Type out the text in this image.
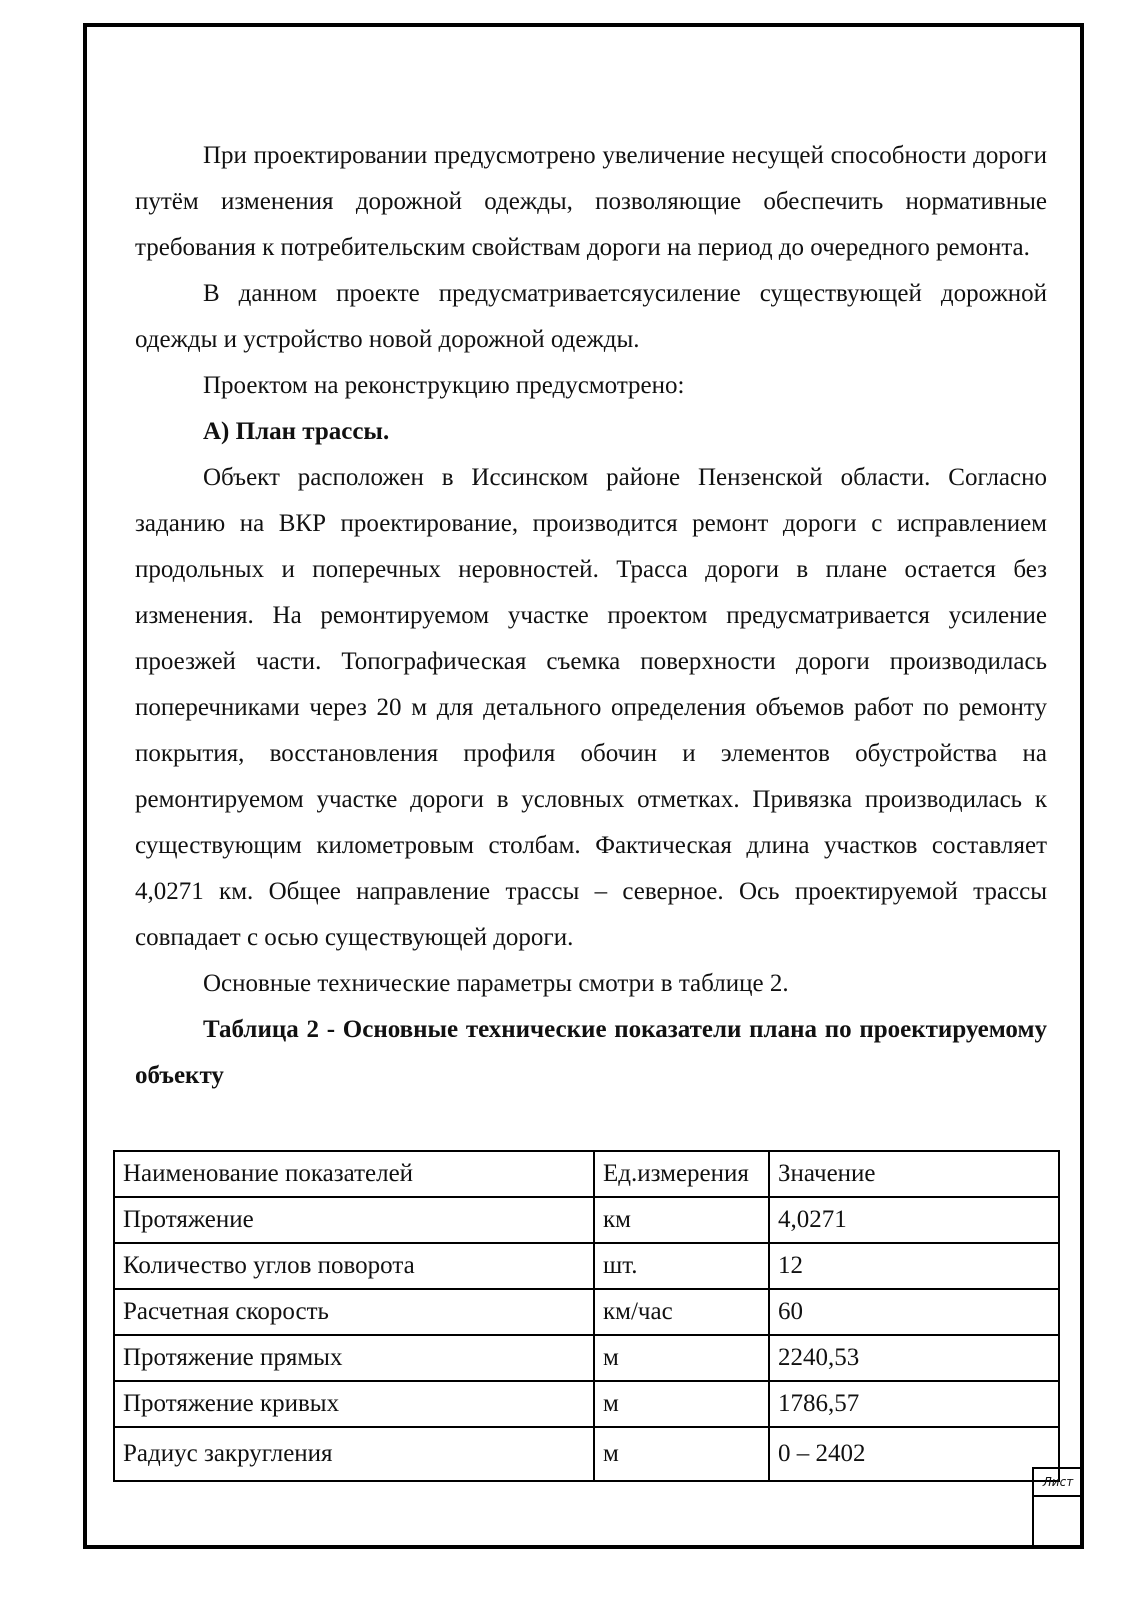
При проектировании предусмотрено увеличение несущей способности дороги путём изменения дорожной одежды, позволяющие обеспечить нормативные требования к потребительским свойствам дороги на период до очередного ремонта.

В данном проекте предусматриваетсяусиление существующей дорожной одежды и устройство новой дорожной одежды.

Проектом на реконструкцию предусмотрено:

А) План трассы.

Объект расположен в Иссинском районе Пензенской области. Согласно заданию на ВКР проектирование, производится ремонт дороги с исправлением продольных и поперечных неровностей. Трасса дороги в плане остается без изменения. На ремонтируемом участке проектом предусматривается усиление проезжей части. Топографическая съемка поверхности дороги производилась поперечниками через 20 м для детального определения объемов работ по ремонту покрытия, восстановления профиля обочин и элементов обустройства на ремонтируемом участке дороги в условных отметках. Привязка производилась к существующим километровым столбам. Фактическая длина участков составляет 4,0271 км. Общее направление трассы – северное. Ось проектируемой трассы совпадает с осью существующей дороги.

Основные технические параметры смотри в таблице 2.

Таблица 2 - Основные технические показатели плана по проектируемому объекту

Наименование показателей	Ед.измерения	Значение
Протяжение	км	4,0271
Количество углов поворота	шт.	12
Расчетная скорость	км/час	60
Протяжение прямых	м	2240,53
Протяжение кривых	м	1786,57
Радиус закругления	м	0 – 2402
Лист
